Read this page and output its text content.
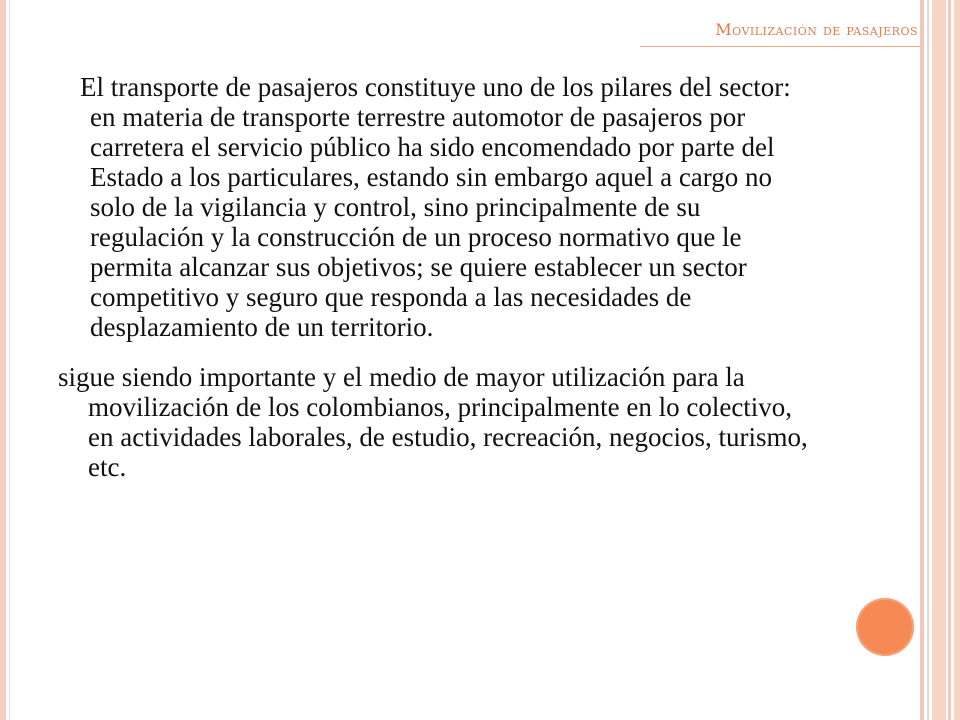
Movilización de pasajeros

El transporte de pasajeros constituye uno de los pilares del sector: en materia de transporte terrestre automotor de pasajeros por carretera el servicio público ha sido encomendado por parte del Estado a los particulares, estando sin embargo aquel a cargo no solo de la vigilancia y control, sino principalmente de su regulación y la construcción de un proceso normativo que le permita alcanzar sus objetivos; se quiere establecer un sector competitivo y seguro que responda a las necesidades de desplazamiento de un territorio.

sigue siendo importante y el medio de mayor utilización para la movilización de los colombianos, principalmente en lo colectivo, en actividades laborales, de estudio, recreación, negocios, turismo, etc.
